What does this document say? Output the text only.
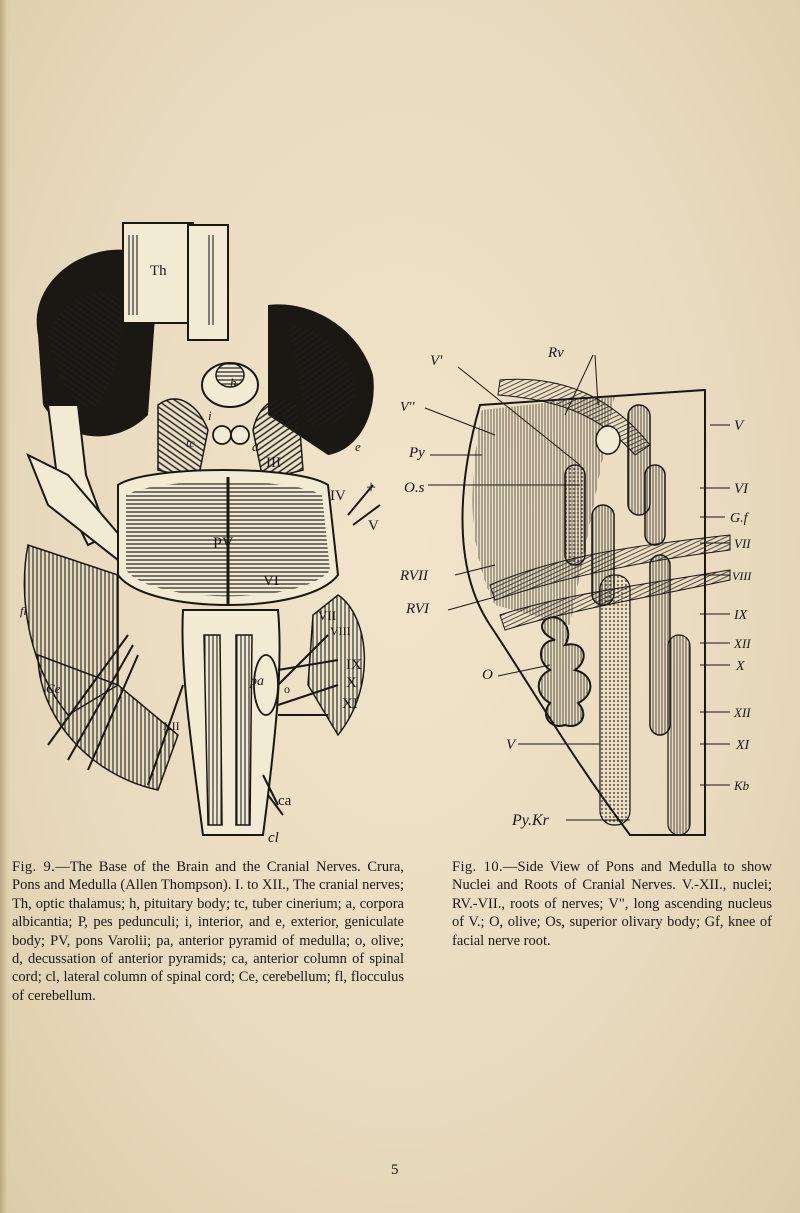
Th
h
tc	a	e
i
III
IV +
V
PV
VI
VII
VIII
IX
X
XI
XII
pa o
ca
cl
Ce
fl
Rv
V'
V''
Py
O.s
RVII
RVI
O
V
Py.Kr
V
VI
G.f
VII
VIII
IX
XII
X
XII
XI
Kb
Fig. 9.—The Base of the Brain and the Cranial Nerves. Crura, Pons and Medulla (Allen Thompson). I. to XII., The cranial nerves; Th, optic thalamus; h, pituitary body; tc, tuber cinerium; a, corpora albicantia; P, pes pedunculi; i, interior, and e, exterior, geniculate body; PV, pons Varolii; pa, anterior pyramid of medulla; o, olive; d, decussation of anterior pyramids; ca, anterior column of spinal cord; cl, lateral column of spinal cord; Ce, cerebellum; fl, flocculus of cerebellum.
Fig. 10.—Side View of Pons and Medulla to show Nuclei and Roots of Cranial Nerves. V.-XII., nuclei; RV.-VII., roots of nerves; V", long ascending nucleus of V.; O, olive; Os, superior olivary body; Gf, knee of facial nerve root.
5
